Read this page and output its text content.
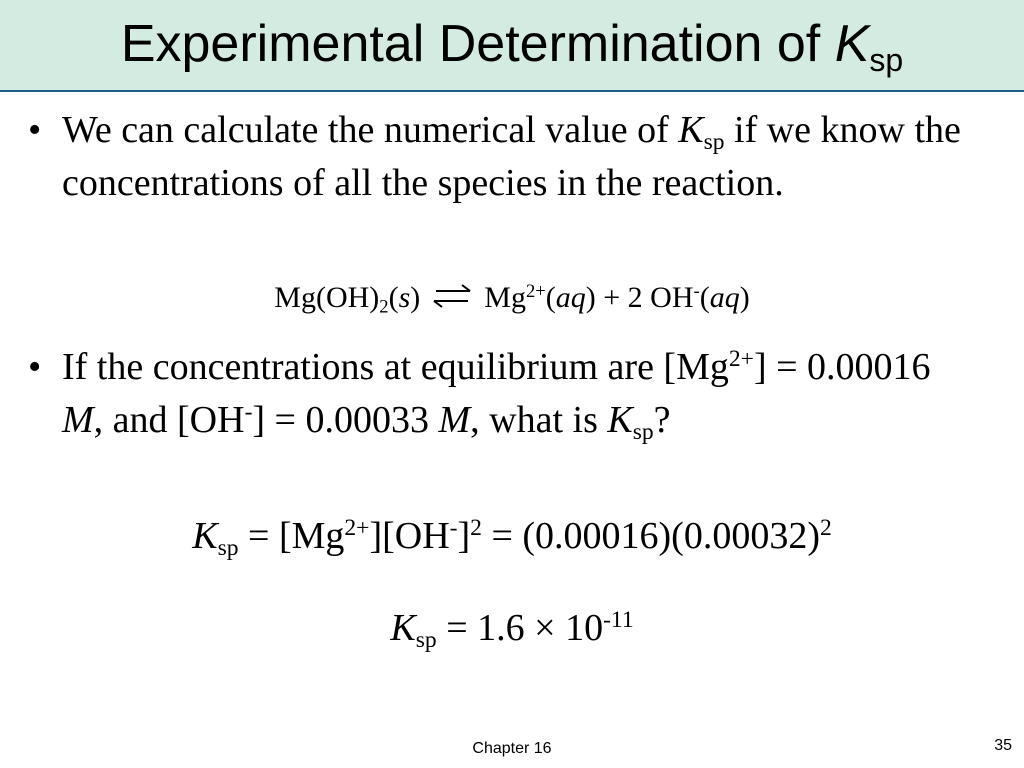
Experimental Determination of $K_{sp}$
• We can calculate the numerical value of $K_{sp}$ if we know the concentrations of all the species in the reaction.
$Mg(OH)_2(s)$ ⇌ $Mg^{2+}(aq) + 2$ OH-(aq)
• If the concentrations at equilibrium are $[Mg^{2+}] = 0.00016$ M, and [OH-] = 0.00033 M, what is $K_{sp}$?
$K_{sp} = [Mg^{2+}][OH^-]^2 = (0.00016)(0.00032)^2$
$K_{sp} = 1.6 \times 10^{-11}$
Chapter 16	35
